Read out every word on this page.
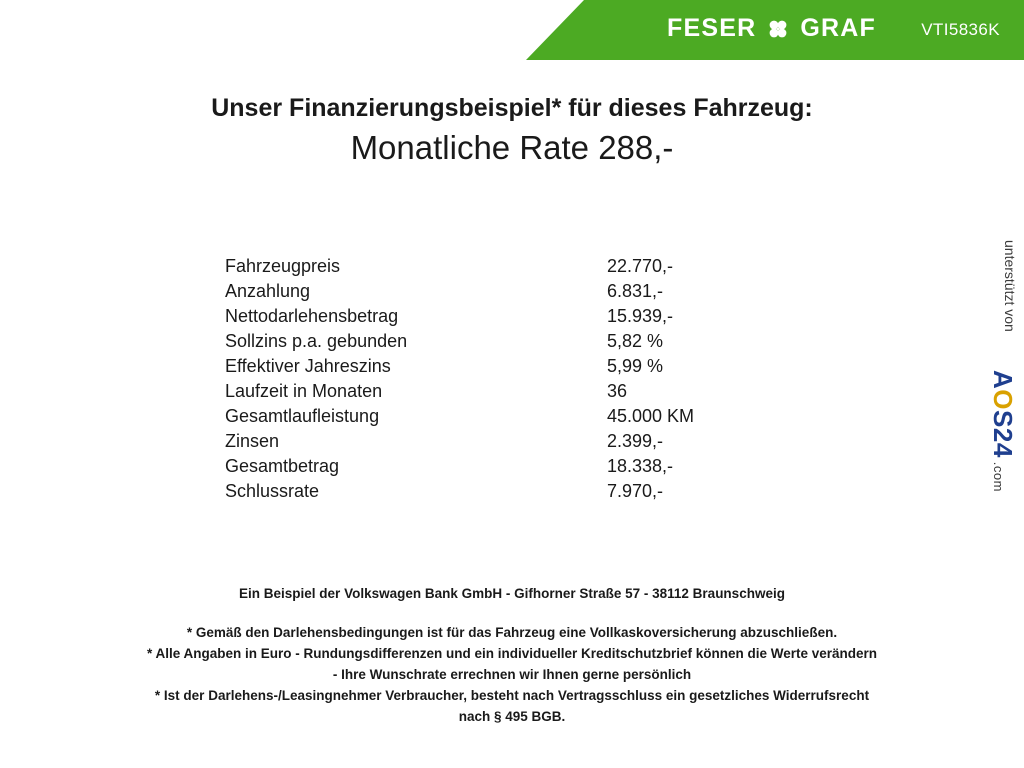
FESER GRAF	VTI5836K
Unser Finanzierungsbeispiel* für dieses Fahrzeug:
Monatliche Rate 288,-
Fahrzeugpreis	22.770,-
Anzahlung	6.831,-
Nettodarlehensbetrag	15.939,-
Sollzins p.a. gebunden	5,82 %
Effektiver Jahreszins	5,99 %
Laufzeit in Monaten	36
Gesamtlaufleistung	45.000 KM
Zinsen	2.399,-
Gesamtbetrag	18.338,-
Schlussrate	7.970,-
Ein Beispiel der Volkswagen Bank GmbH - Gifhorner Straße 57 - 38112 Braunschweig
* Gemäß den Darlehensbedingungen ist für das Fahrzeug eine Vollkaskoversicherung abzuschließen.
* Alle Angaben in Euro - Rundungsdifferenzen und ein individueller Kreditschutzbrief können die Werte verändern
- Ihre Wunschrate errechnen wir Ihnen gerne persönlich
* Ist der Darlehens-/Leasingnehmer Verbraucher, besteht nach Vertragsschluss ein gesetzliches Widerrufsrecht
nach § 495 BGB.
unterstützt von
A
O
S
24
.com
